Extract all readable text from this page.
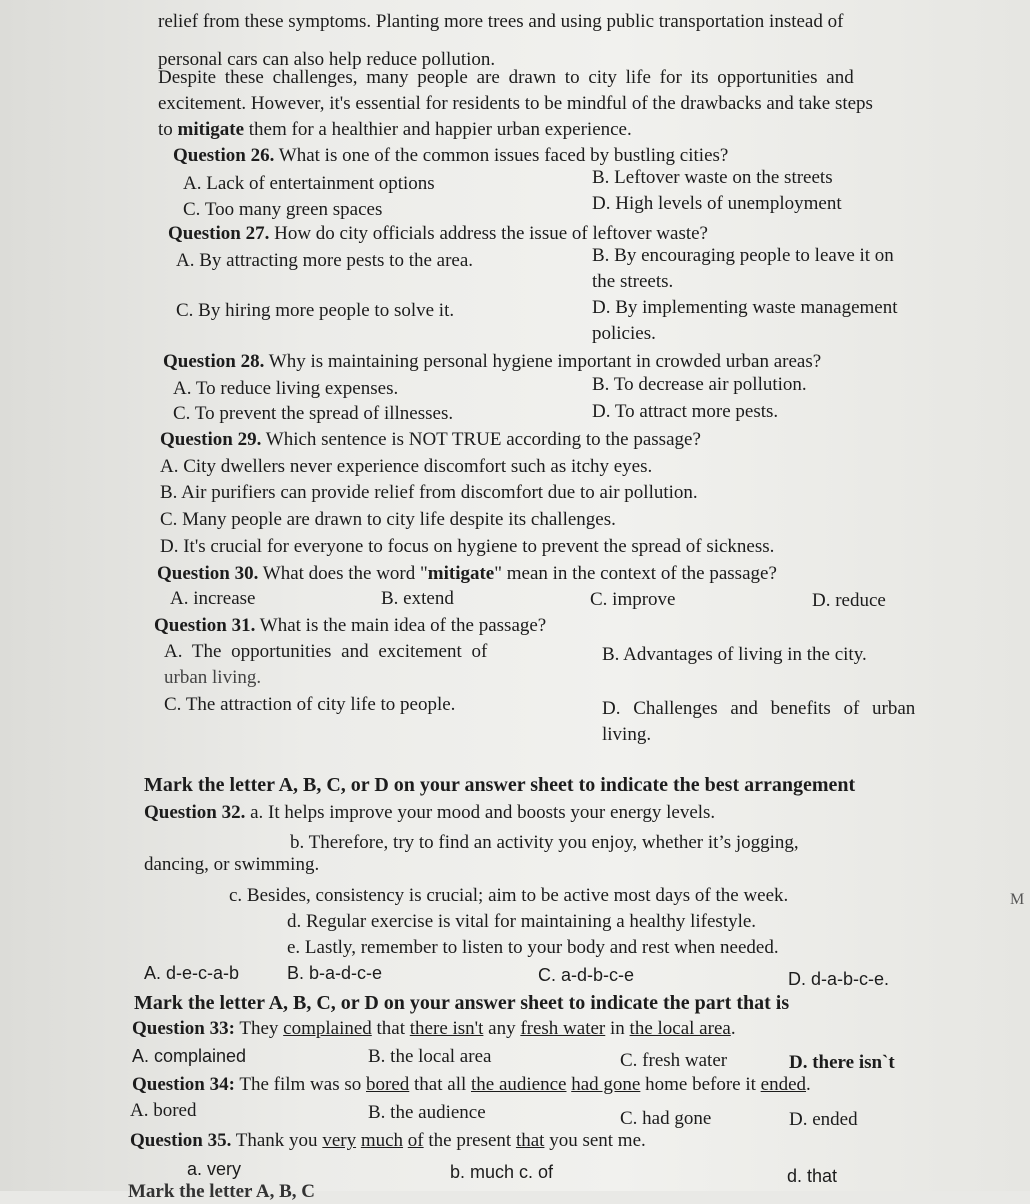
relief from these symptoms. Planting more trees and using public transportation instead of
personal cars can also help reduce pollution.
Despite these challenges, many people are drawn to city life for its opportunities and
excitement. However, it's essential for residents to be mindful of the drawbacks and take steps
to mitigate them for a healthier and happier urban experience.
Question 26. What is one of the common issues faced by bustling cities?
A. Lack of entertainment options	B. Leftover waste on the streets
C. Too many green spaces	D. High levels of unemployment
Question 27. How do city officials address the issue of leftover waste?
A. By attracting more pests to the area.	B. By encouraging people to leave it on
the streets.
C. By hiring more people to solve it.	D. By implementing waste management
policies.
Question 28. Why is maintaining personal hygiene important in crowded urban areas?
A. To reduce living expenses.	B. To decrease air pollution.
C. To prevent the spread of illnesses.	D. To attract more pests.
Question 29. Which sentence is NOT TRUE according to the passage?
A. City dwellers never experience discomfort such as itchy eyes.
B. Air purifiers can provide relief from discomfort due to air pollution.
C. Many people are drawn to city life despite its challenges.
D. It's crucial for everyone to focus on hygiene to prevent the spread of sickness.
Question 30. What does the word "mitigate" mean in the context of the passage?
A. increase	B. extend	C. improve	D. reduce
Question 31. What is the main idea of the passage?
A. The opportunities and excitement of
urban living.
B. Advantages of living in the city.
C. The attraction of city life to people.	D. Challenges and benefits of urban
living.
Mark the letter A, B, C, or D on your answer sheet to indicate the best arrangement
Question 32. a. It helps improve your mood and boosts your energy levels.
b. Therefore, try to find an activity you enjoy, whether it’s jogging,
dancing, or swimming.
c. Besides, consistency is crucial; aim to be active most days of the week.	M
d. Regular exercise is vital for maintaining a healthy lifestyle.
e. Lastly, remember to listen to your body and rest when needed.
A. d-e-c-a-b	B. b-a-d-c-e	C. a-d-b-c-e	D. d-a-b-c-e.
Mark the letter A, B, C, or D on your answer sheet to indicate the part that is
Question 33: They complained that there isn't any fresh water in the local area.
A. complained	B. the local area	C. fresh water	D. there isn`t
Question 34: The film was so bored that all the audience had gone home before it ended.
A. bored	B. the audience	C. had gone	D. ended
Question 35. Thank you very much of the present that you sent me.
a. very	b. much c. of	d. that
Mark the letter A, B, C
